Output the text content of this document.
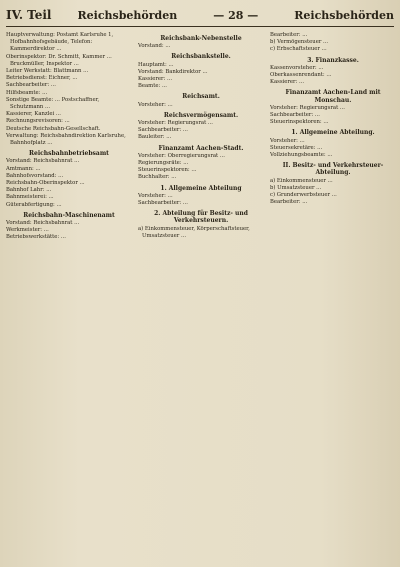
IV. Teil Reichsbehörden	— 28 —	Reichsbehörden

Hauptverwaltung: Postamt Karlsruhe 1, Hofbahnhofsgebäude, Telefon: Kammerdirektor ...

Oberinspektor: Dr. Schmitt, Kammer ... Bruckmüller, Inspektor ...

Leiter Werkstatt: Blattmann ...

Betriebsdienst: Eichner, ...

Sachbearbeiter: ...

Hilfsbeamte: ...

Sonstige Beamte: ... Postschaffner, Schutzmann ...

Kassierer, Kanzlei ...

Rechnungsrevisoren: ...

Deutsche Reichsbahn-Gesellschaft.

Verwaltung: Reichsbahndirektion Karlsruhe, Bahnhofplatz ...

Reichsbahnbetriebsamt

Vorstand: Reichsbahnrat ...

Amtmann: ...

Bahnhofsvorstand: ...

Reichsbahn-Oberinspektor ...

Bahnhof Lahr: ...

Bahnmeisterei: ...

Güterabfertigung: ...

Reichsbahn-Maschinenamt

Vorstand: Reichsbahnrat ...

Werkmeister: ...

Betriebswerkstätte: ...

Reichsbank-Nebenstelle

Vorstand: ...

Reichsbankstelle.

Hauptamt: ...

Vorstand: Bankdirektor ...

Kassierer: ...

Beamte: ...

Reichsamt.

Vorsteher: ...

Reichsvermögensamt.

Vorsteher: Regierungsrat ...

Sachbearbeiter: ...

Bauleiter: ...

Finanzamt Aachen-Stadt.

Vorsteher: Oberregierungsrat ...

Regierungsräte: ...

Steuerinspektoren: ...

Buchhalter: ...

1. Allgemeine Abteilung

Vorsteher: ...

Sachbearbeiter: ...

2. Abteilung für Besitz- und Verkehrsteuern.

a) Einkommensteuer, Körperschaftsteuer, Umsatzsteuer ...

Bearbeiter: ...

b) Vermögensteuer ...

c) Erbschaftsteuer ...

3. Finanzkasse.

Kassenvorsteher: ...

Oberkassenrendant: ...

Kassierer: ...

Finanzamt Aachen-Land mit Monschau.

Vorsteher: Regierungsrat ...

Sachbearbeiter: ...

Steuerinspektoren: ...

1. Allgemeine Abteilung.

Vorsteher: ...

Steuersekretäre: ...

Vollziehungsbeamte: ...

II. Besitz- und Verkehrsteuer-Abteilung.

a) Einkommensteuer ...

b) Umsatzsteuer ...

c) Grunderwerbsteuer ...

Bearbeiter: ...
